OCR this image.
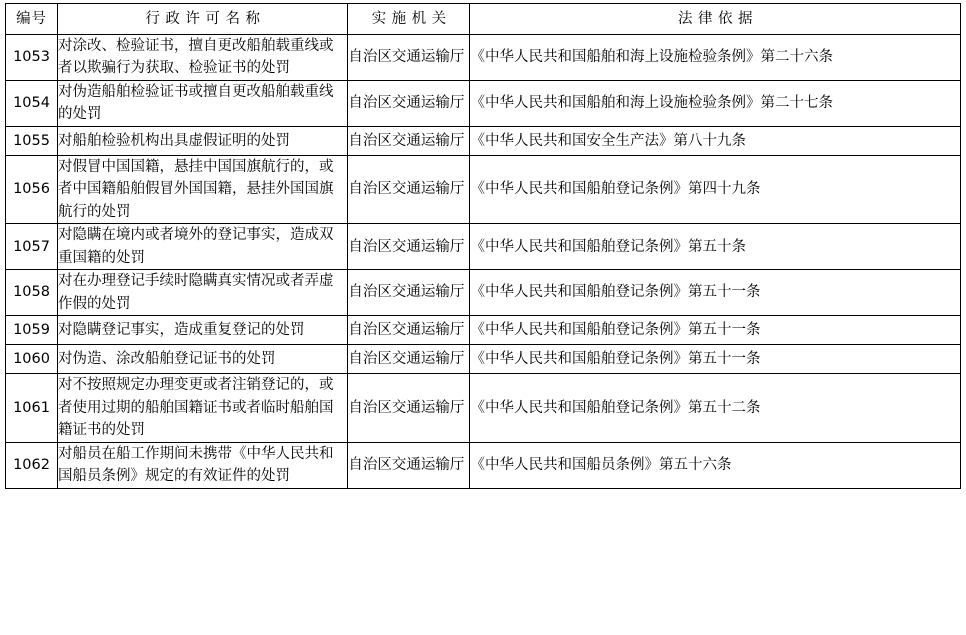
编号	行政许可名称	实施机关	法律依据
1053	对涂改、检验证书，擅自更改船舶载重线或者以欺骗行为获取、检验证书的处罚	自治区交通运输厅	《中华人民共和国船舶和海上设施检验条例》第二十六条
1054	对伪造船舶检验证书或擅自更改船舶载重线的处罚	自治区交通运输厅	《中华人民共和国船舶和海上设施检验条例》第二十七条
1055	对船舶检验机构出具虚假证明的处罚	自治区交通运输厅	《中华人民共和国安全生产法》第八十九条
1056	对假冒中国国籍，悬挂中国国旗航行的，或者中国籍船舶假冒外国国籍，悬挂外国国旗航行的处罚	自治区交通运输厅	《中华人民共和国船舶登记条例》第四十九条
1057	对隐瞒在境内或者境外的登记事实，造成双重国籍的处罚	自治区交通运输厅	《中华人民共和国船舶登记条例》第五十条
1058	对在办理登记手续时隐瞒真实情况或者弄虚作假的处罚	自治区交通运输厅	《中华人民共和国船舶登记条例》第五十一条
1059	对隐瞒登记事实，造成重复登记的处罚	自治区交通运输厅	《中华人民共和国船舶登记条例》第五十一条
1060	对伪造、涂改船舶登记证书的处罚	自治区交通运输厅	《中华人民共和国船舶登记条例》第五十一条
1061	对不按照规定办理变更或者注销登记的，或者使用过期的船舶国籍证书或者临时船舶国籍证书的处罚	自治区交通运输厅	《中华人民共和国船舶登记条例》第五十二条
1062	对船员在船工作期间未携带《中华人民共和国船员条例》规定的有效证件的处罚	自治区交通运输厅	《中华人民共和国船员条例》第五十六条
